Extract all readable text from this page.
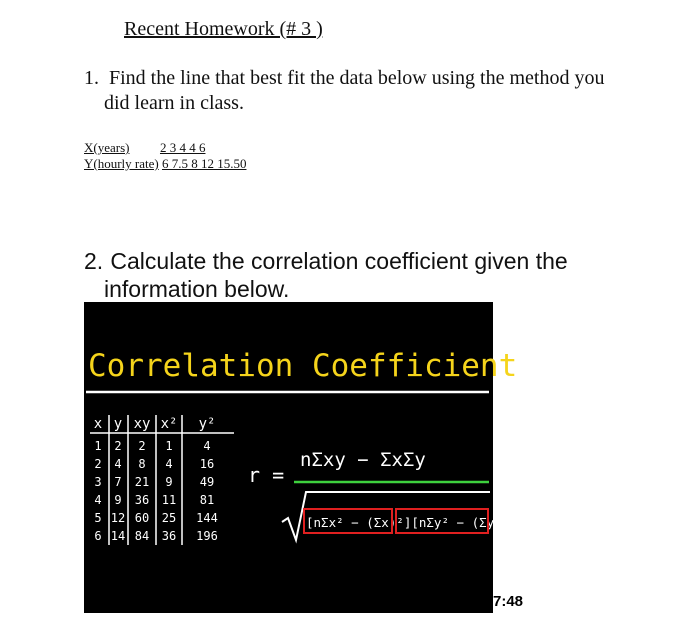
Recent Homework (# 3 )
1. Find the line that best fit the data below using the method you
did learn in class.
X(years) 2 3 4 4 6
Y(hourly rate) 6 7.5 8 12 15.50
2. Calculate the correlation coefficient given the
information below.
Correlation Coefficient
x y xy x² y²
1 2 2 1	4
2 4 8 4 16
3 7 21 9 49
4 9 36 11 81
5 12 60 25 144
6 14 84 36 196
r =
nΣxy − ΣxΣy
[nΣx² − (Σx)²][nΣy² − (Σy)²]
7:48
